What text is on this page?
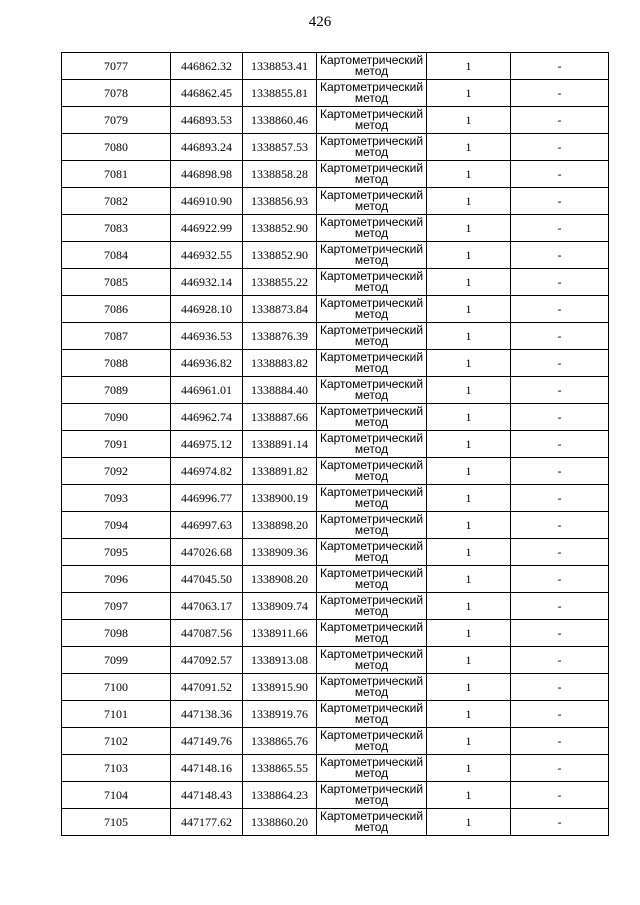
426
7077	446862.32	1338853.41	Картометрический
метод	1	-
7078	446862.45	1338855.81	Картометрический
метод	1	-
7079	446893.53	1338860.46	Картометрический
метод	1	-
7080	446893.24	1338857.53	Картометрический
метод	1	-
7081	446898.98	1338858.28	Картометрический
метод	1	-
7082	446910.90	1338856.93	Картометрический
метод	1	-
7083	446922.99	1338852.90	Картометрический
метод	1	-
7084	446932.55	1338852.90	Картометрический
метод	1	-
7085	446932.14	1338855.22	Картометрический
метод	1	-
7086	446928.10	1338873.84	Картометрический
метод	1	-
7087	446936.53	1338876.39	Картометрический
метод	1	-
7088	446936.82	1338883.82	Картометрический
метод	1	-
7089	446961.01	1338884.40	Картометрический
метод	1	-
7090	446962.74	1338887.66	Картометрический
метод	1	-
7091	446975.12	1338891.14	Картометрический
метод	1	-
7092	446974.82	1338891.82	Картометрический
метод	1	-
7093	446996.77	1338900.19	Картометрический
метод	1	-
7094	446997.63	1338898.20	Картометрический
метод	1	-
7095	447026.68	1338909.36	Картометрический
метод	1	-
7096	447045.50	1338908.20	Картометрический
метод	1	-
7097	447063.17	1338909.74	Картометрический
метод	1	-
7098	447087.56	1338911.66	Картометрический
метод	1	-
7099	447092.57	1338913.08	Картометрический
метод	1	-
7100	447091.52	1338915.90	Картометрический
метод	1	-
7101	447138.36	1338919.76	Картометрический
метод	1	-
7102	447149.76	1338865.76	Картометрический
метод	1	-
7103	447148.16	1338865.55	Картометрический
метод	1	-
7104	447148.43	1338864.23	Картометрический
метод	1	-
7105	447177.62	1338860.20	Картометрический
метод	1	-
